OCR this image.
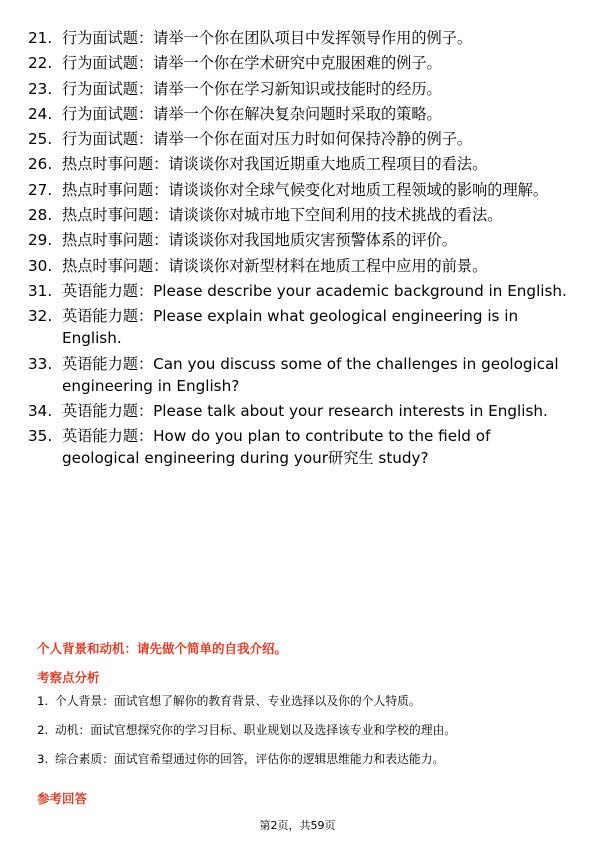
21. 行为面试题：请举一个你在团队项目中发挥领导作用的例子。
22. 行为面试题：请举一个你在学术研究中克服困难的例子。
23. 行为面试题：请举一个你在学习新知识或技能时的经历。
24. 行为面试题：请举一个你在解决复杂问题时采取的策略。
25. 行为面试题：请举一个你在面对压力时如何保持冷静的例子。
26. 热点时事问题：请谈谈你对我国近期重大地质工程项目的看法。
27. 热点时事问题：请谈谈你对全球气候变化对地质工程领域的影响的理解。
28. 热点时事问题：请谈谈你对城市地下空间利用的技术挑战的看法。
29. 热点时事问题：请谈谈你对我国地质灾害预警体系的评价。
30. 热点时事问题：请谈谈你对新型材料在地质工程中应用的前景。
31. 英语能力题：Please describe your academic background in English.
32. 英语能力题：Please explain what geological engineering is in English.
33. 英语能力题：Can you discuss some of the challenges in geological engineering in English?
34. 英语能力题：Please talk about your research interests in English.
35. 英语能力题：How do you plan to contribute to the field of geological engineering during your研究生 study?
个人背景和动机：请先做个简单的自我介绍。
考察点分析
1. 个人背景：面试官想了解你的教育背景、专业选择以及你的个人特质。
2. 动机：面试官想探究你的学习目标、职业规划以及选择该专业和学校的理由。
3. 综合素质：面试官希望通过你的回答，评估你的逻辑思维能力和表达能力。
参考回答
第2页，共59页
